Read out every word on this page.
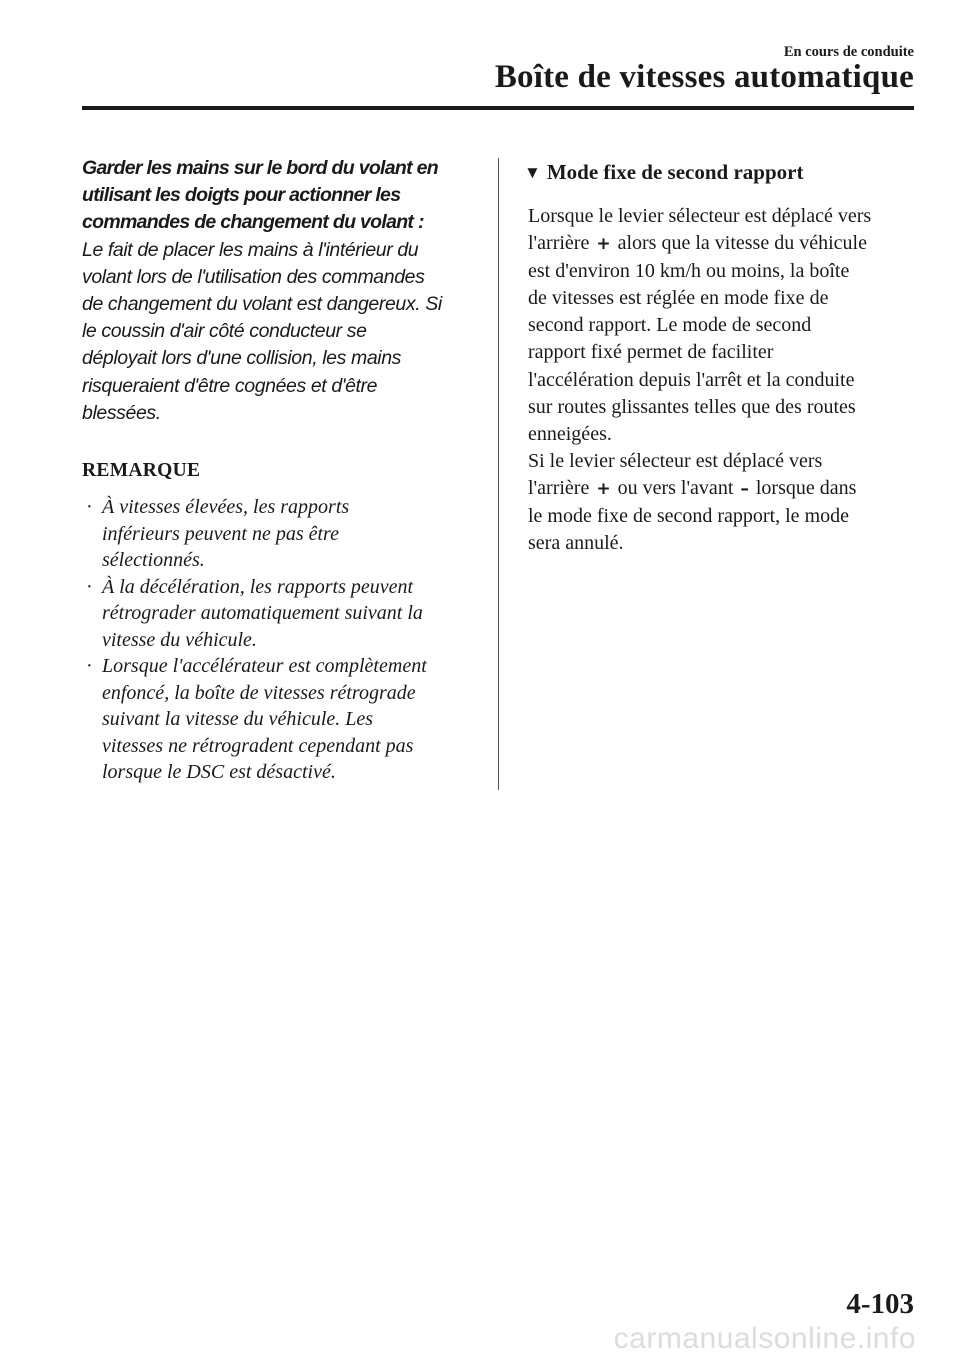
En cours de conduite
Boîte de vitesses automatique
Garder les mains sur le bord du volant en
utilisant les doigts pour actionner les
commandes de changement du volant :
Le fait de placer les mains à l'intérieur du
volant lors de l'utilisation des commandes
de changement du volant est dangereux. Si
le coussin d'air côté conducteur se
déployait lors d'une collision, les mains
risqueraient d'être cognées et d'être
blessées.
REMARQUE
· À vitesses élevées, les rapports
inférieurs peuvent ne pas être
sélectionnés.
· À la décélération, les rapports peuvent
rétrograder automatiquement suivant la
vitesse du véhicule.
· Lorsque l'accélérateur est complètement
enfoncé, la boîte de vitesses rétrograde
suivant la vitesse du véhicule. Les
vitesses ne rétrogradent cependant pas
lorsque le DSC est désactivé.
▼ Mode fixe de second rapport
Lorsque le levier sélecteur est déplacé vers
l'arrière + alors que la vitesse du véhicule
est d'environ 10 km/h ou moins, la boîte
de vitesses est réglée en mode fixe de
second rapport. Le mode de second
rapport fixé permet de faciliter
l'accélération depuis l'arrêt et la conduite
sur routes glissantes telles que des routes
enneigées.
Si le levier sélecteur est déplacé vers
l'arrière + ou vers l'avant – lorsque dans
le mode fixe de second rapport, le mode
sera annulé.
4-103
carmanualsonline.info
